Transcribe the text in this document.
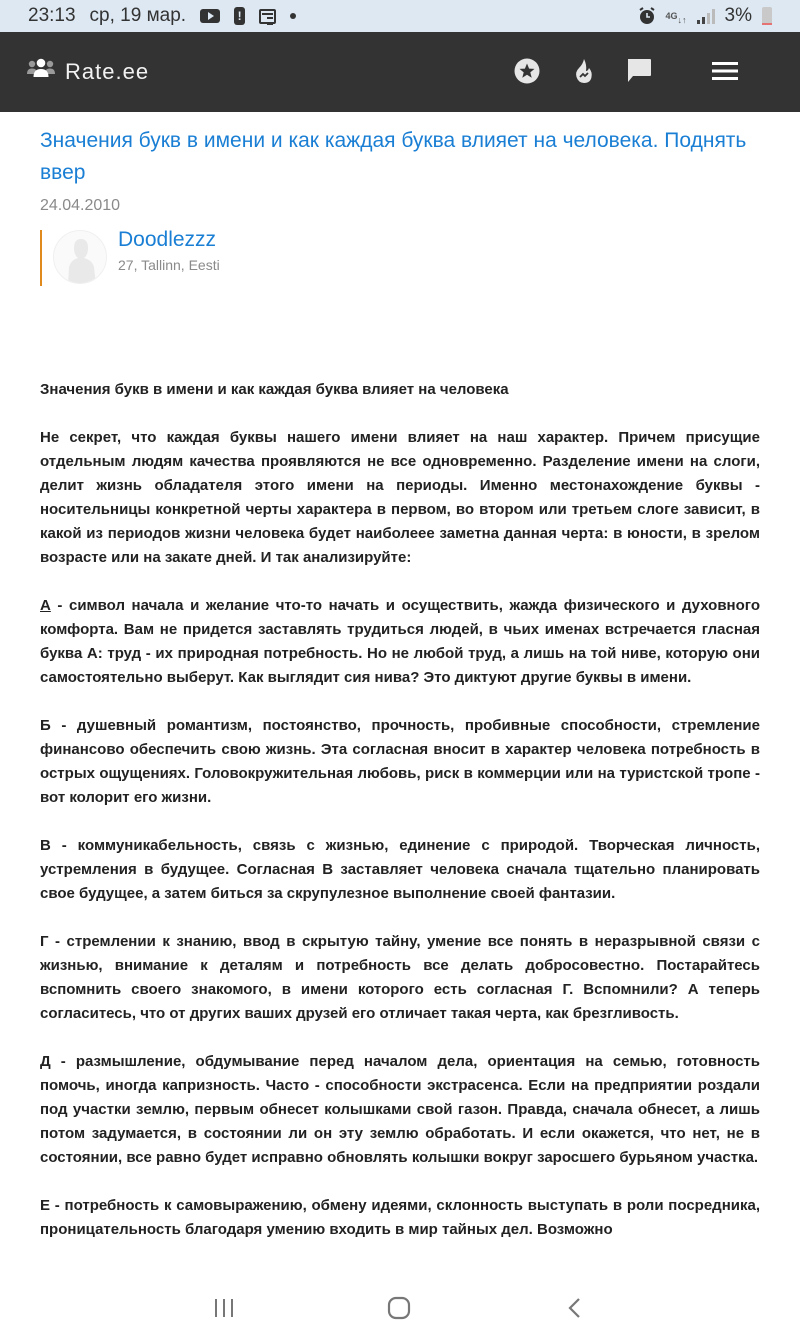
23:13 ср, 19 мар.	!	4G ↓↑ 3%
Rate.ee
Значения букв в имени и как каждая буква влияет на человека. Поднять ввер
24.04.2010
Doodlezzz
27, Tallinn, Eesti

Значения букв в имени и как каждая буква влияет на человека

Не секрет, что каждая буквы нашего имени влияет на наш характер. Причем присущие отдельным людям качества проявляются не все одновременно. Разделение имени на слоги, делит жизнь обладателя этого имени на периоды. Именно местонахождение буквы - носительницы конкретной черты характера в первом, во втором или третьем слоге зависит, в какой из периодов жизни человека будет наиболеее заметна данная черта: в юности, в зрелом возрасте или на закате дней. И так анализируйте:

А - символ начала и желание что-то начать и осуществить, жажда физического и духовного комфорта. Вам не придется заставлять трудиться людей, в чьих именах встречается гласная буква А: труд - их природная потребность. Но не любой труд, а лишь на той ниве, которую они самостоятельно выберут. Как выглядит сия нива? Это диктуют другие буквы в имени.

Б - душевный романтизм, постоянство, прочность, пробивные способности, стремление финансово обеспечить свою жизнь. Эта согласная вносит в характер человека потребность в острых ощущениях. Головокружительная любовь, риск в коммерции или на туристской тропе - вот колорит его жизни.

В - коммуникабельность, связь с жизнью, единение с природой. Творческая личность, устремления в будущее. Согласная В заставляет человека сначала тщательно планировать свое будущее, а затем биться за скрупулезное выполнение своей фантазии.

Г - стремлении к знанию, ввод в скрытую тайну, умение все понять в неразрывной связи с жизнью, внимание к деталям и потребность все делать добросовестно. Постарайтесь вспомнить своего знакомого, в имени которого есть согласная Г. Вспомнили? А теперь согласитесь, что от других ваших друзей его отличает такая черта, как брезгливость.

Д - размышление, обдумывание перед началом дела, ориентация на семью, готовность помочь, иногда капризность. Часто - способности экстрасенса. Если на предприятии роздали под участки землю, первым обнесет колышками свой газон. Правда, сначала обнесет, а лишь потом задумается, в состоянии ли он эту землю обработать. И если окажется, что нет, не в состоянии, все равно будет исправно обновлять колышки вокруг заросшего бурьяном участка.

Е - потребность к самовыражению, обмену идеями, склонность выступать в роли посредника, проницательность благодаря умению входить в мир тайных дел. Возможно
